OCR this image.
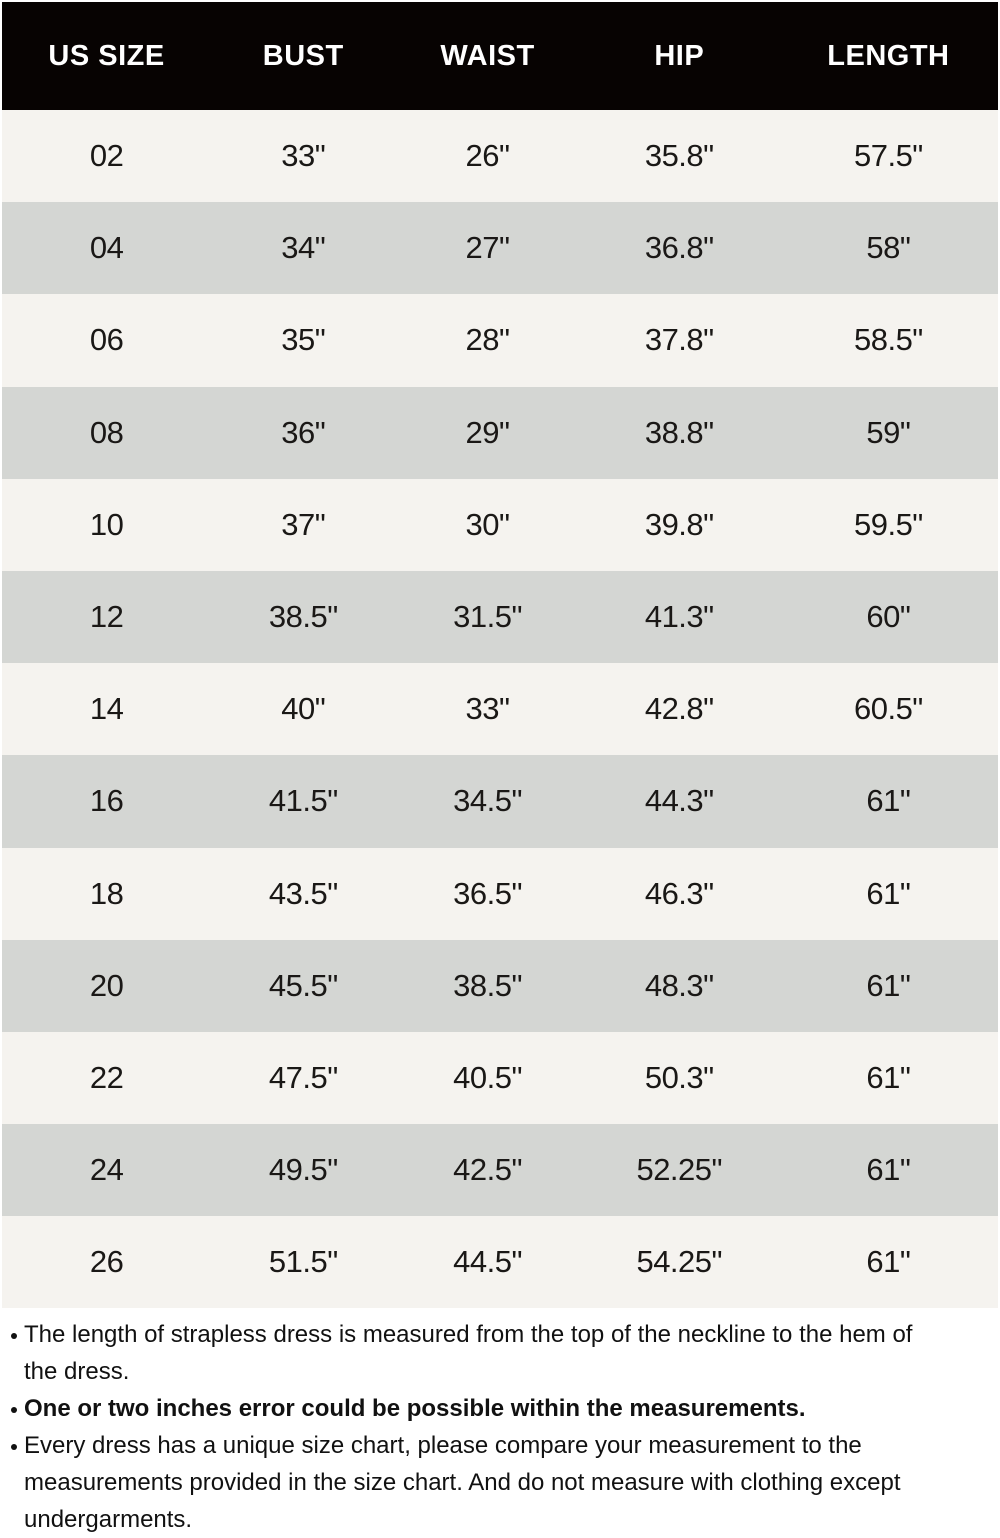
US SIZE	BUST	WAIST	HIP	LENGTH
02	33"	26"	35.8"	57.5"
04	34"	27"	36.8"	58"
06	35"	28"	37.8"	58.5"
08	36"	29"	38.8"	59"
10	37"	30"	39.8"	59.5"
12	38.5"	31.5"	41.3"	60"
14	40"	33"	42.8"	60.5"
16	41.5"	34.5"	44.3"	61"
18	43.5"	36.5"	46.3"	61"
20	45.5"	38.5"	48.3"	61"
22	47.5"	40.5"	50.3"	61"
24	49.5"	42.5"	52.25"	61"
26	51.5"	44.5"	54.25"	61"
The length of strapless dress is measured from the top of the neckline to the hem of
the dress.
One or two inches error could be possible within the measurements.
Every dress has a unique size chart, please compare your measurement to the
measurements provided in the size chart. And do not measure with clothing except
undergarments.
